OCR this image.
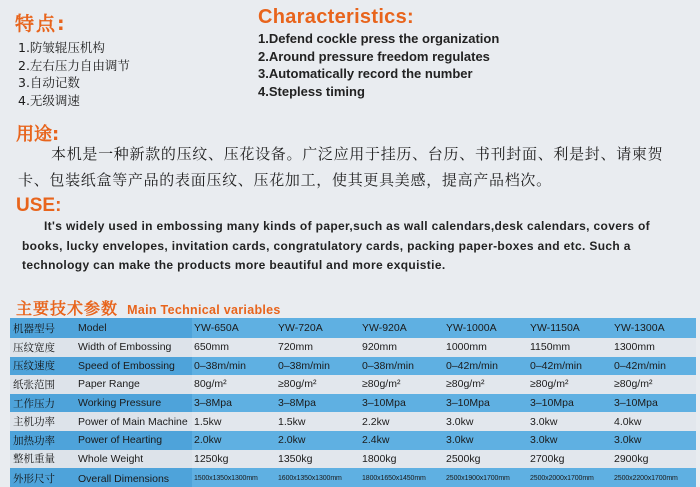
特点:
1.防皱辊压机构
2.左右压力自由调节
3.自动记数
4.无级调速
Characteristics:
1.Defend cockle press the organization
2.Around pressure freedom regulates
3.Automatically record the number
4.Stepless timing
用途:
本机是一种新款的压纹、压花设备。广泛应用于挂历、台历、书刊封面、利是封、请柬贺卡、包装纸盒等产品的表面压纹、压花加工，使其更具美感，提高产品档次。
USE:
It's widely used in embossing many kinds of paper,such as wall calendars,desk calendars, covers of books, lucky envelopes, invitation cards, congratulatory cards, packing paper-boxes and etc. Such a technology can make the products more beautiful and more exquistie.
主要技术参数 Main Technical variables
机器型号	Model	YW-650A	YW-720A	YW-920A	YW-1000A	YW-1150A	YW-1300A
压纹宽度	Width of Embossing	650mm	720mm	920mm	1000mm	1150mm	1300mm
压纹速度	Speed of Embossing	0–38m/min	0–38m/min	0–38m/min	0–42m/min	0–42m/min	0–42m/min
纸张范围	Paper Range	80g/m²	≥80g/m²	≥80g/m²	≥80g/m²	≥80g/m²	≥80g/m²
工作压力	Working Pressure	3–8Mpa	3–8Mpa	3–10Mpa	3–10Mpa	3–10Mpa	3–10Mpa
主机功率	Power of Main Machine	1.5kw	1.5kw	2.2kw	3.0kw	3.0kw	4.0kw
加热功率	Power of Hearting	2.0kw	2.0kw	2.4kw	3.0kw	3.0kw	3.0kw
整机重量	Whole Weight	1250kg	1350kg	1800kg	2500kg	2700kg	2900kg
外形尺寸	Overall Dimensions	1500x1350x1300mm	1600x1350x1300mm	1800x1650x1450mm	2500x1900x1700mm	2500x2000x1700mm	2500x2200x1700mm
